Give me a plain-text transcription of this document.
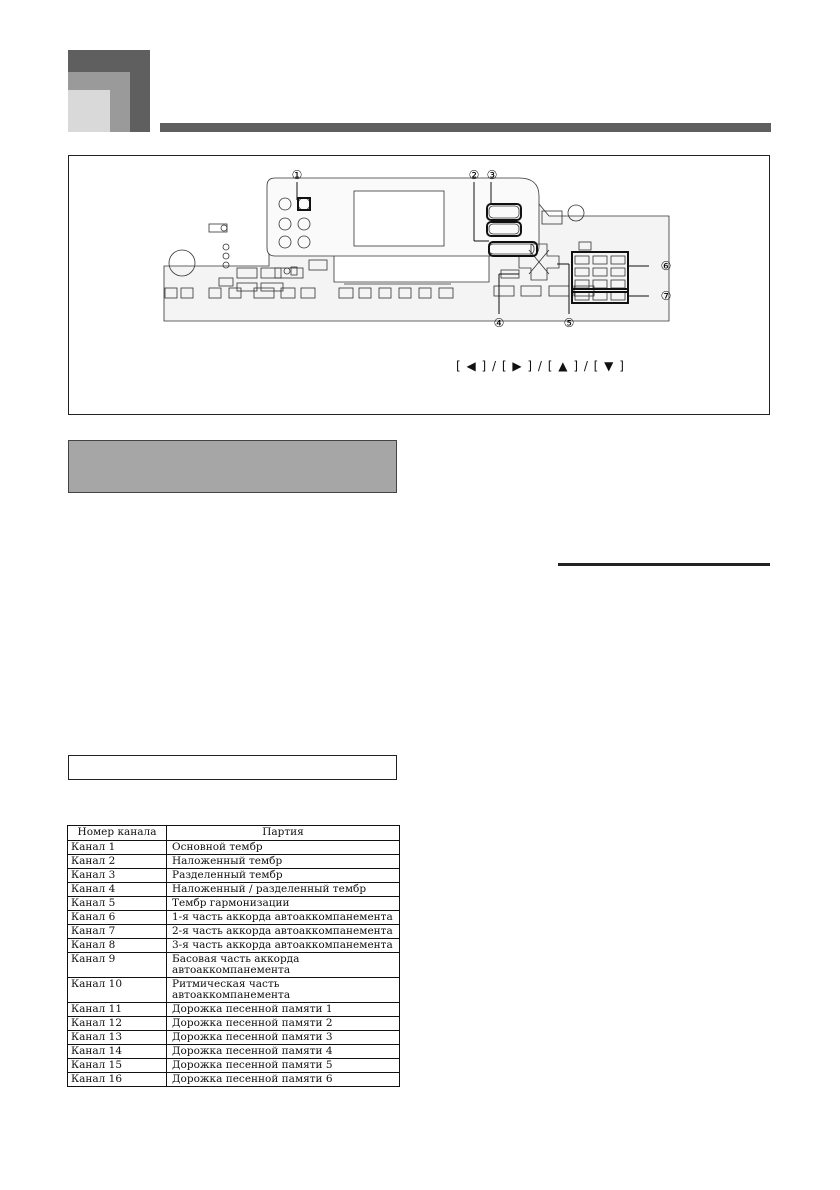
①	② ③
④	⑤
⑥
⑦
[ ◀ ] / [ ▶ ] / [ ▲ ] / [ ▼ ]
Номер канала	Партия
Канал 1	Основной тембр
Канал 2	Наложенный тембр
Канал 3	Разделенный тембр
Канал 4	Наложенный / разделенный тембр
Канал 5	Тембр гармонизации
Канал 6	1-я часть аккорда автоаккомпанемента
Канал 7	2-я часть аккорда автоаккомпанемента
Канал 8	3-я часть аккорда автоаккомпанемента
Канал 9	Басовая часть аккорда автоаккомпанемента
Канал 10	Ритмическая часть автоаккомпанемента
Канал 11	Дорожка песенной памяти 1
Канал 12	Дорожка песенной памяти 2
Канал 13	Дорожка песенной памяти 3
Канал 14	Дорожка песенной памяти 4
Канал 15	Дорожка песенной памяти 5
Канал 16	Дорожка песенной памяти 6
